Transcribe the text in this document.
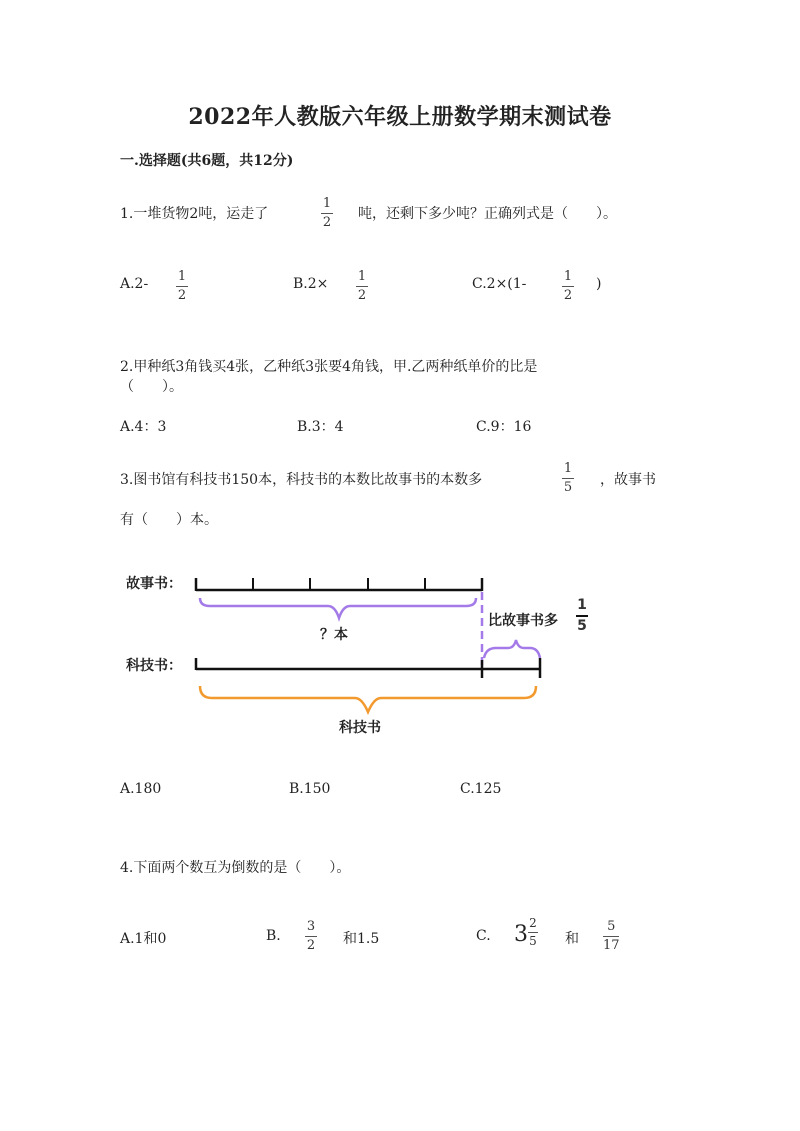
2022年人教版六年级上册数学期末测试卷
一.选择题(共6题，共12分)
1.一堆货物2吨，运走了
1
2
吨，还剩下多少吨？正确列式是（　　）。
A.2- 1
2
B.2× 1
2
C.2×(1-	1
2
)
2.甲种纸3角钱买4张，乙种纸3张要4角钱，甲.乙两种纸单价的比是
（　　）。
A.4：3	B.3：4	C.9：16
3.图书馆有科技书150本，科技书的本数比故事书的本数多
1
5 ，故事书
有（　　）本。
故事书：
？本
比故事书多
1
5
科技书：
科技书
A.180	B.150	C.125
4.下面两个数互为倒数的是（　　）。
A.1和0	B.
3
2 和1.5	C. 3 2
5 和
5
17
